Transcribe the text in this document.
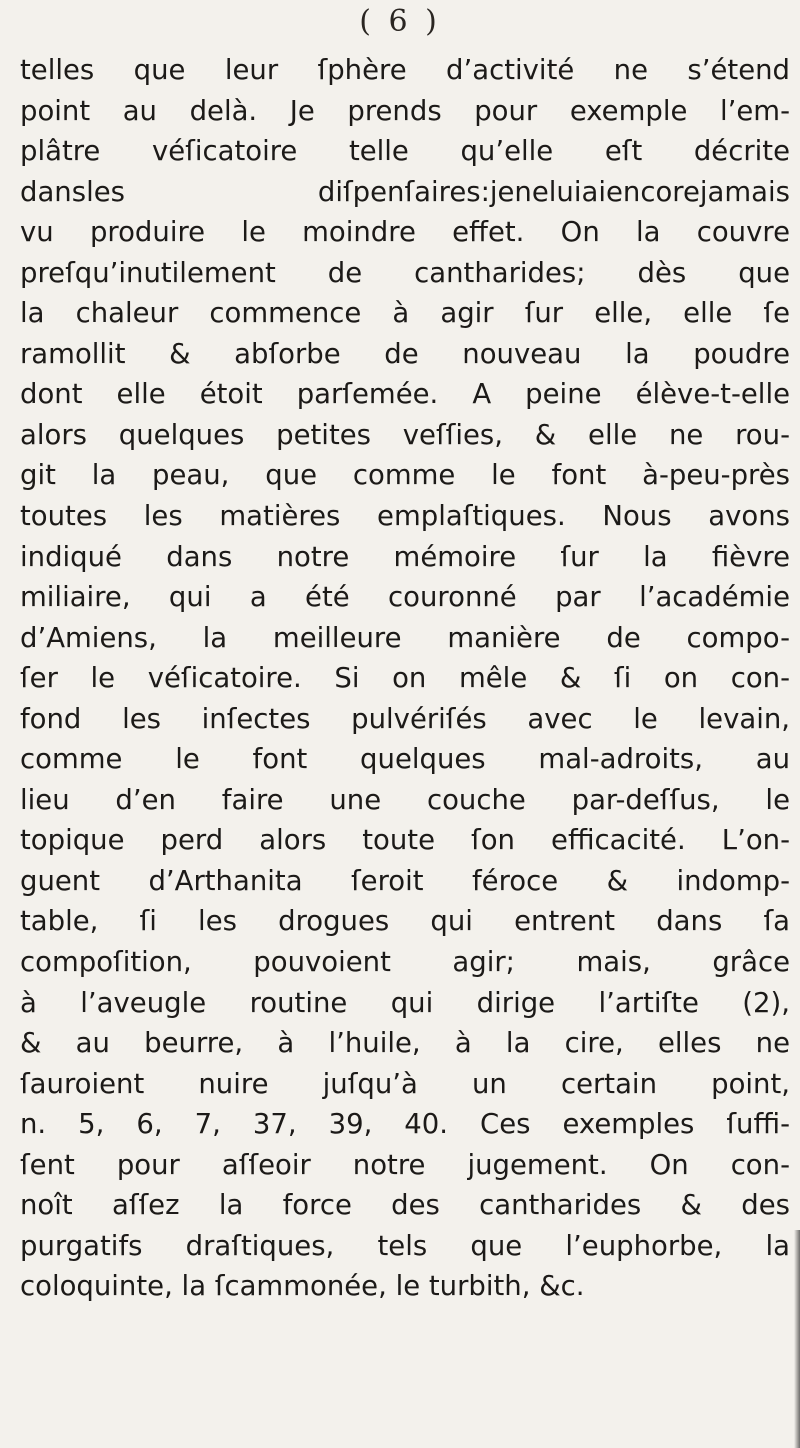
( 6 )
telles que leur ſphère d’activité ne s’étend
point au delà. Je prends pour exemple l’em-
plâtre véſicatoire telle qu’elle eſt décrite
dansles diſpenſaires:jeneluiaiencorejamais
vu produire le moindre effet. On la couvre
preſqu’inutilement de cantharides; dès que
la chaleur commence à agir ſur elle, elle ſe
ramollit & abſorbe de nouveau la poudre
dont elle étoit parſemée. A peine élève-t-elle
alors quelques petites veſſies, & elle ne rou-
git la peau, que comme le font à-peu-près
toutes les matières emplaſtiques. Nous avons
indiqué dans notre mémoire ſur la fièvre
miliaire, qui a été couronné par l’académie
d’Amiens, la meilleure manière de compo-
ſer le véſicatoire. Si on mêle & ſi on con-
fond les inſectes pulvériſés avec le levain,
comme le font quelques mal-adroits, au
lieu d’en faire une couche par-deſſus, le
topique perd alors toute ſon efficacité. L’on-
guent d’Arthanita ſeroit féroce & indomp-
table, ſi les drogues qui entrent dans ſa
compoſition, pouvoient agir; mais, grâce
à l’aveugle routine qui dirige l’artiſte (2),
& au beurre, à l’huile, à la cire, elles ne
ſauroient nuire juſqu’à un certain point,
n. 5, 6, 7, 37, 39, 40. Ces exemples ſuffi-
ſent pour aſſeoir notre jugement. On con-
noît aſſez la force des cantharides & des
purgatifs draſtiques, tels que l’euphorbe, la
coloquinte, la ſcammonée, le turbith, &c.
